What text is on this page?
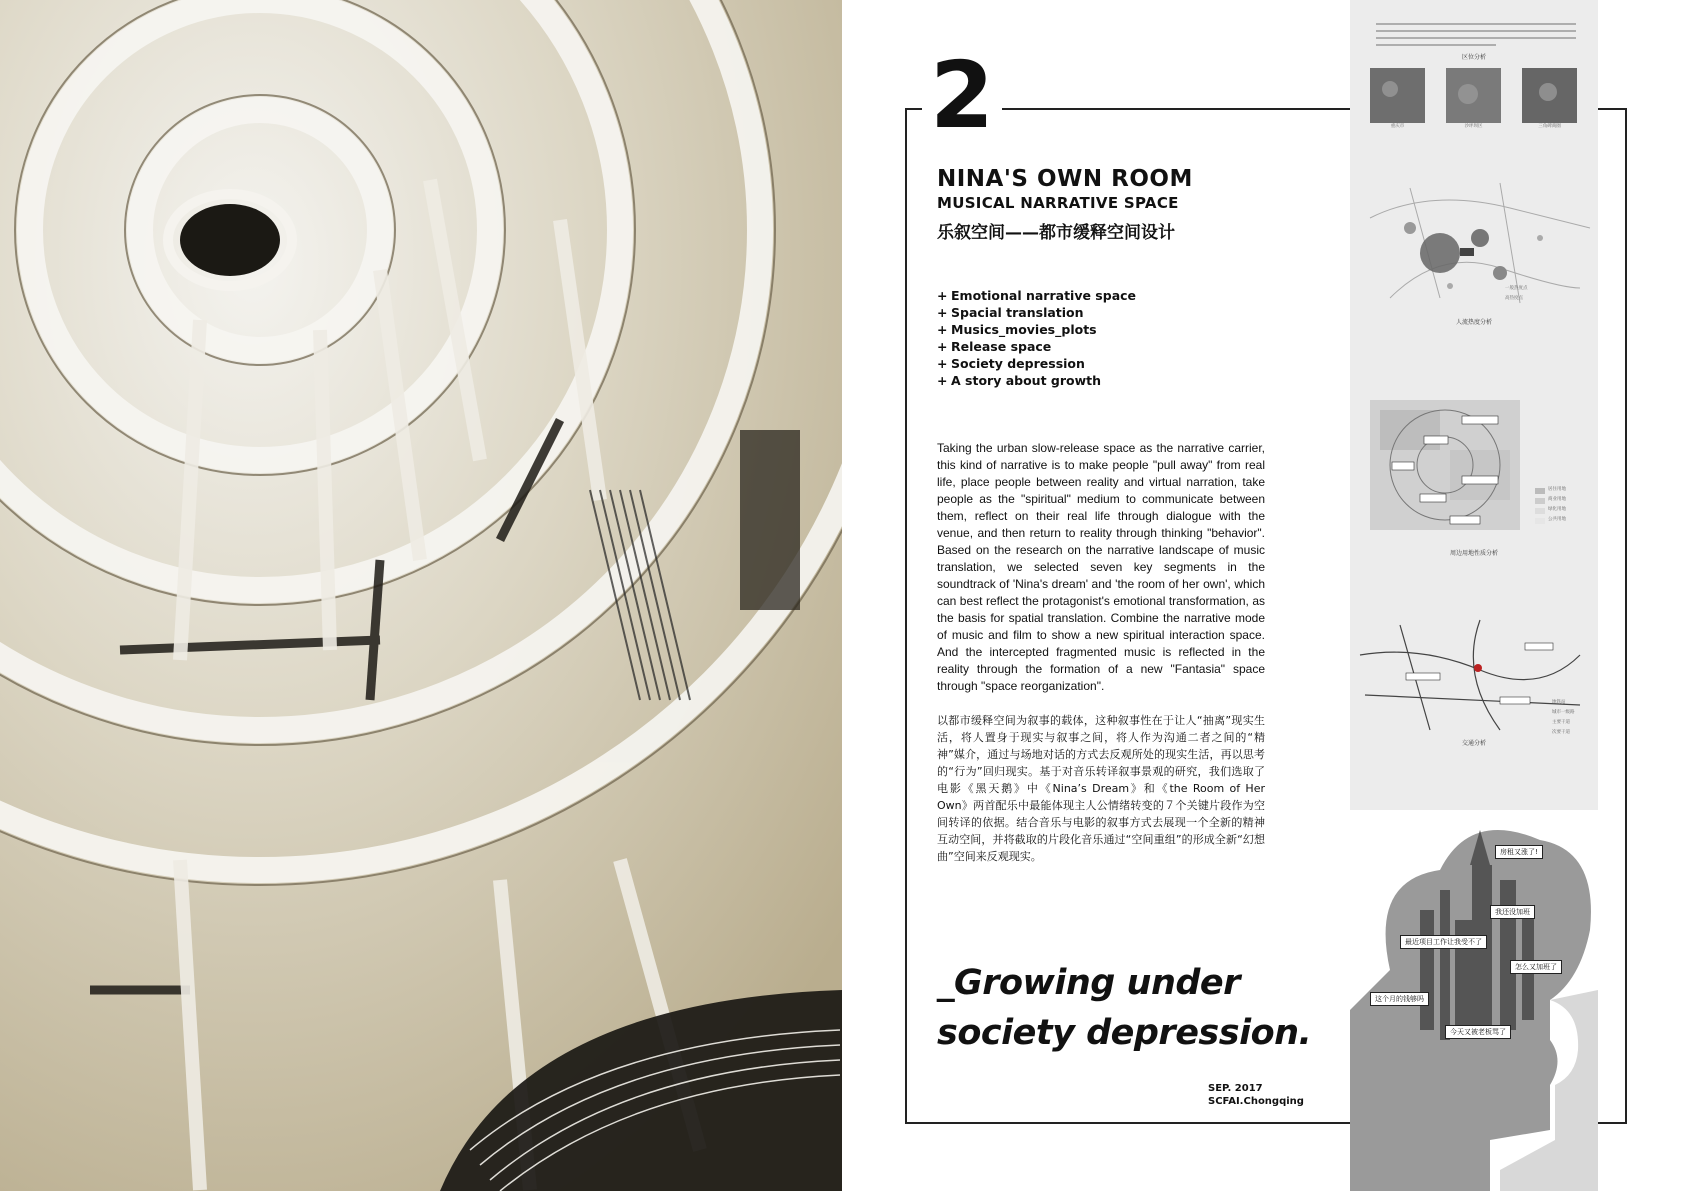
2
NINA'S OWN ROOM
MUSICAL NARRATIVE SPACE
乐叙空间——都市缓释空间设计
+ Emotional narrative space
+ Spacial translation
+ Musics_movies_plots
+ Release space
+ Society depression
+ A story about growth

Taking the urban slow-release space as the narrative carrier, this kind of narrative is to make people "pull away" from real life, place people between reality and virtual narration, take people as the "spiritual" medium to communicate between them, reflect on their real life through dialogue with the venue, and then return to reality through thinking "behavior". Based on the research on the narrative landscape of music translation, we selected seven key segments in the soundtrack of 'Nina's dream' and 'the room of her own', which can best reflect the protagonist's emotional transformation, as the basis for spatial translation. Combine the narrative mode of music and film to show a new spiritual interaction space. And the intercepted fragmented music is reflected in the reality through the formation of a new "Fantasia" space through "space reorganization".

以都市缓释空间为叙事的载体，这种叙事性在于让人“抽离”现实生活，将人置身于现实与叙事之间，将人作为沟通二者之间的“精神”媒介，通过与场地对话的方式去反观所处的现实生活，再以思考的“行为”回归现实。基于对音乐转译叙事景观的研究，我们选取了电影《黑天鹅》中《Nina’s Dream》和《the Room of Her Own》两首配乐中最能体现主人公情绪转变的７个关键片段作为空间转译的依据。结合音乐与电影的叙事方式去展现一个全新的精神互动空间，并将截取的片段化音乐通过“空间重组”的形成全新“幻想曲”空间来反观现实。

_Growing under
society depression.
SEP. 2017
SCFAI.Chongqing
区位分析
重庆市	沙坪坝区	三角碑商圈
一般热度点
高热度点
人流热度分析
居住用地
商业用地
绿化用地
公共用地
周边用地性质分析
地铁站
城市一级路
主要干道
次要干道
交通分析
房租又涨了!
我还没加班
最近项目工作让我受不了
怎么又加班了
这个月的钱够吗
今天又被老板骂了
